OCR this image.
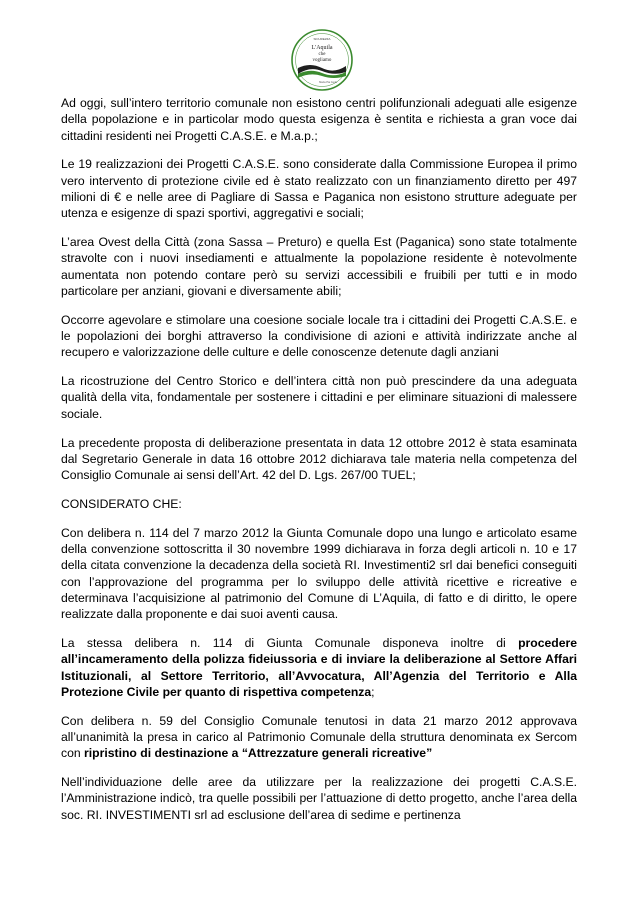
SICUREZZA
L'Aquila
che
vogliamo
Maria Pia Centi

Ad oggi, sull’intero territorio comunale non esistono centri polifunzionali adeguati alle esigenze della popolazione e in particolar modo questa esigenza è sentita e richiesta a gran voce dai cittadini residenti nei Progetti C.A.S.E. e M.a.p.;

Le 19 realizzazioni dei Progetti C.A.S.E. sono considerate dalla Commissione Europea il primo vero intervento di protezione civile ed è stato realizzato con un finanziamento diretto per 497 milioni di € e nelle aree di Pagliare di Sassa e Paganica non esistono strutture adeguate per utenza e esigenze di spazi sportivi, aggregativi e sociali;

L’area Ovest della Città (zona Sassa – Preturo) e quella Est (Paganica) sono state totalmente stravolte con i nuovi insediamenti e attualmente la popolazione residente è notevolmente aumentata non potendo contare però su servizi accessibili e fruibili per tutti e in modo particolare per anziani, giovani e diversamente abili;

Occorre agevolare e stimolare una coesione sociale locale tra i cittadini dei Progetti C.A.S.E. e le popolazioni dei borghi attraverso la condivisione di azioni e attività indirizzate anche al recupero e valorizzazione delle culture e delle conoscenze detenute dagli anziani

La ricostruzione del Centro Storico e dell’intera città non può prescindere da una adeguata qualità della vita, fondamentale per sostenere i cittadini e per eliminare situazioni di malessere sociale.

La precedente proposta di deliberazione presentata in data 12 ottobre 2012 è stata esaminata dal Segretario Generale in data 16 ottobre 2012 dichiarava tale materia nella competenza del Consiglio Comunale ai sensi dell’Art. 42 del D. Lgs. 267/00 TUEL;

CONSIDERATO CHE:

Con delibera n. 114 del 7 marzo 2012 la Giunta Comunale dopo una lungo e articolato esame della convenzione sottoscritta il 30 novembre 1999 dichiarava in forza degli articoli n. 10 e 17 della citata convenzione la decadenza della società RI. Investimenti2 srl dai benefici conseguiti con l’approvazione del programma per lo sviluppo delle attività ricettive e ricreative e determinava l’acquisizione al patrimonio del Comune di L’Aquila, di fatto e di diritto, le opere realizzate dalla proponente e dai suoi aventi causa.

La stessa delibera n. 114 di Giunta Comunale disponeva inoltre di procedere all’incameramento della polizza fideiussoria e di inviare la deliberazione al Settore Affari Istituzionali, al Settore Territorio, all’Avvocatura, All’Agenzia del Territorio e Alla Protezione Civile per quanto di rispettiva competenza;

Con delibera n. 59 del Consiglio Comunale tenutosi in data 21 marzo 2012 approvava all’unanimità la presa in carico al Patrimonio Comunale della struttura denominata ex Sercom con ripristino di destinazione a “Attrezzature generali ricreative”

Nell’individuazione delle aree da utilizzare per la realizzazione dei progetti C.A.S.E. l’Amministrazione indicò, tra quelle possibili per l’attuazione di detto progetto, anche l’area della soc. RI. INVESTIMENTI srl ad esclusione dell’area di sedime e pertinenza
